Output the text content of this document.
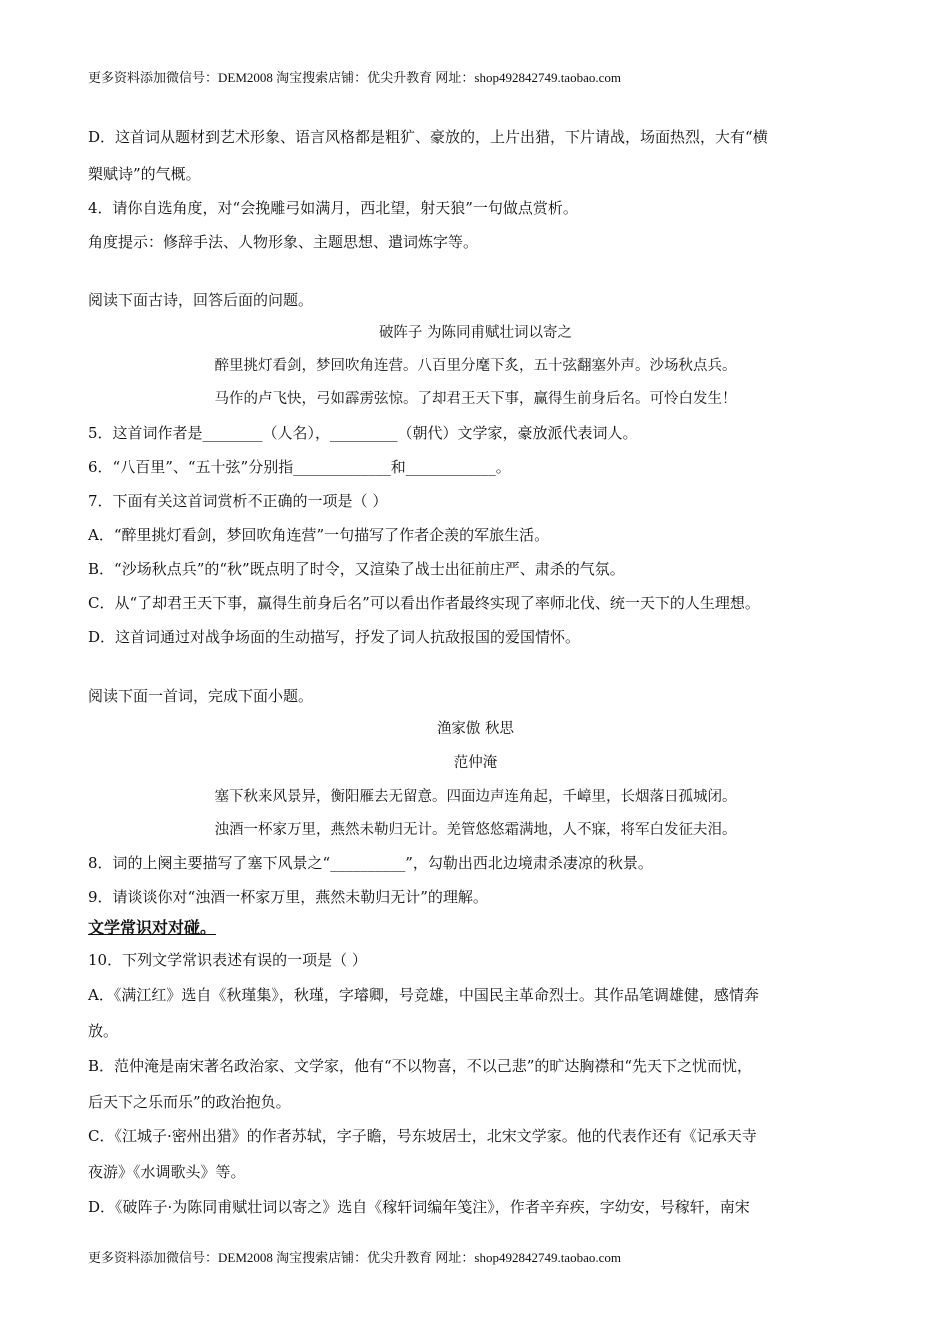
更多资料添加微信号：DEM2008 淘宝搜索店铺：优尖升教育 网址：shop492842749.taobao.com
D．这首词从题材到艺术形象、语言风格都是粗犷、豪放的，上片出猎，下片请战，场面热烈，大有“横
槊赋诗”的气概。
4．请你自选角度，对“会挽雕弓如满月，西北望，射天狼”一句做点赏析。
角度提示：修辞手法、人物形象、主题思想、遣词炼字等。
阅读下面古诗，回答后面的问题。
破阵子 为陈同甫赋壮词以寄之
醉里挑灯看剑，梦回吹角连营。八百里分麾下炙，五十弦翻塞外声。沙场秋点兵。
马作的卢飞快，弓如霹雳弦惊。了却君王天下事，赢得生前身后名。可怜白发生！
5．这首词作者是________（人名），_________（朝代）文学家，豪放派代表词人。
6．“八百里”、“五十弦”分别指_____________和____________。
7．下面有关这首词赏析不正确的一项是（ ）
A．“醉里挑灯看剑，梦回吹角连营”一句描写了作者企羡的军旅生活。
B．“沙场秋点兵”的“秋”既点明了时令，又渲染了战士出征前庄严、肃杀的气氛。
C．从“了却君王天下事，赢得生前身后名”可以看出作者最终实现了率师北伐、统一天下的人生理想。
D．这首词通过对战争场面的生动描写，抒发了词人抗敌报国的爱国情怀。
阅读下面一首词，完成下面小题。
渔家傲 秋思
范仲淹
塞下秋来风景异，衡阳雁去无留意。四面边声连角起，千嶂里，长烟落日孤城闭。
浊酒一杯家万里，燕然未勒归无计。羌管悠悠霜满地，人不寐，将军白发征夫泪。
8．词的上阕主要描写了塞下风景之“__________”，勾勒出西北边境肃杀凄凉的秋景。
9．请谈谈你对“浊酒一杯家万里，燕然未勒归无计”的理解。
文学常识对对碰。
10．下列文学常识表述有误的一项是（ ）
A．《满江红》选自《秋瑾集》，秋瑾，字璿卿，号竞雄，中国民主革命烈士。其作品笔调雄健，感情奔
放。
B．范仲淹是南宋著名政治家、文学家，他有“不以物喜，不以己悲”的旷达胸襟和“先天下之忧而忧，
后天下之乐而乐”的政治抱负。
C．《江城子·密州出猎》的作者苏轼，字子瞻，号东坡居士，北宋文学家。他的代表作还有《记承天寺
夜游》《水调歌头》等。
D．《破阵子·为陈同甫赋壮词以寄之》选自《稼轩词编年笺注》，作者辛弃疾，字幼安，号稼轩，南宋
更多资料添加微信号：DEM2008 淘宝搜索店铺：优尖升教育 网址：shop492842749.taobao.com
